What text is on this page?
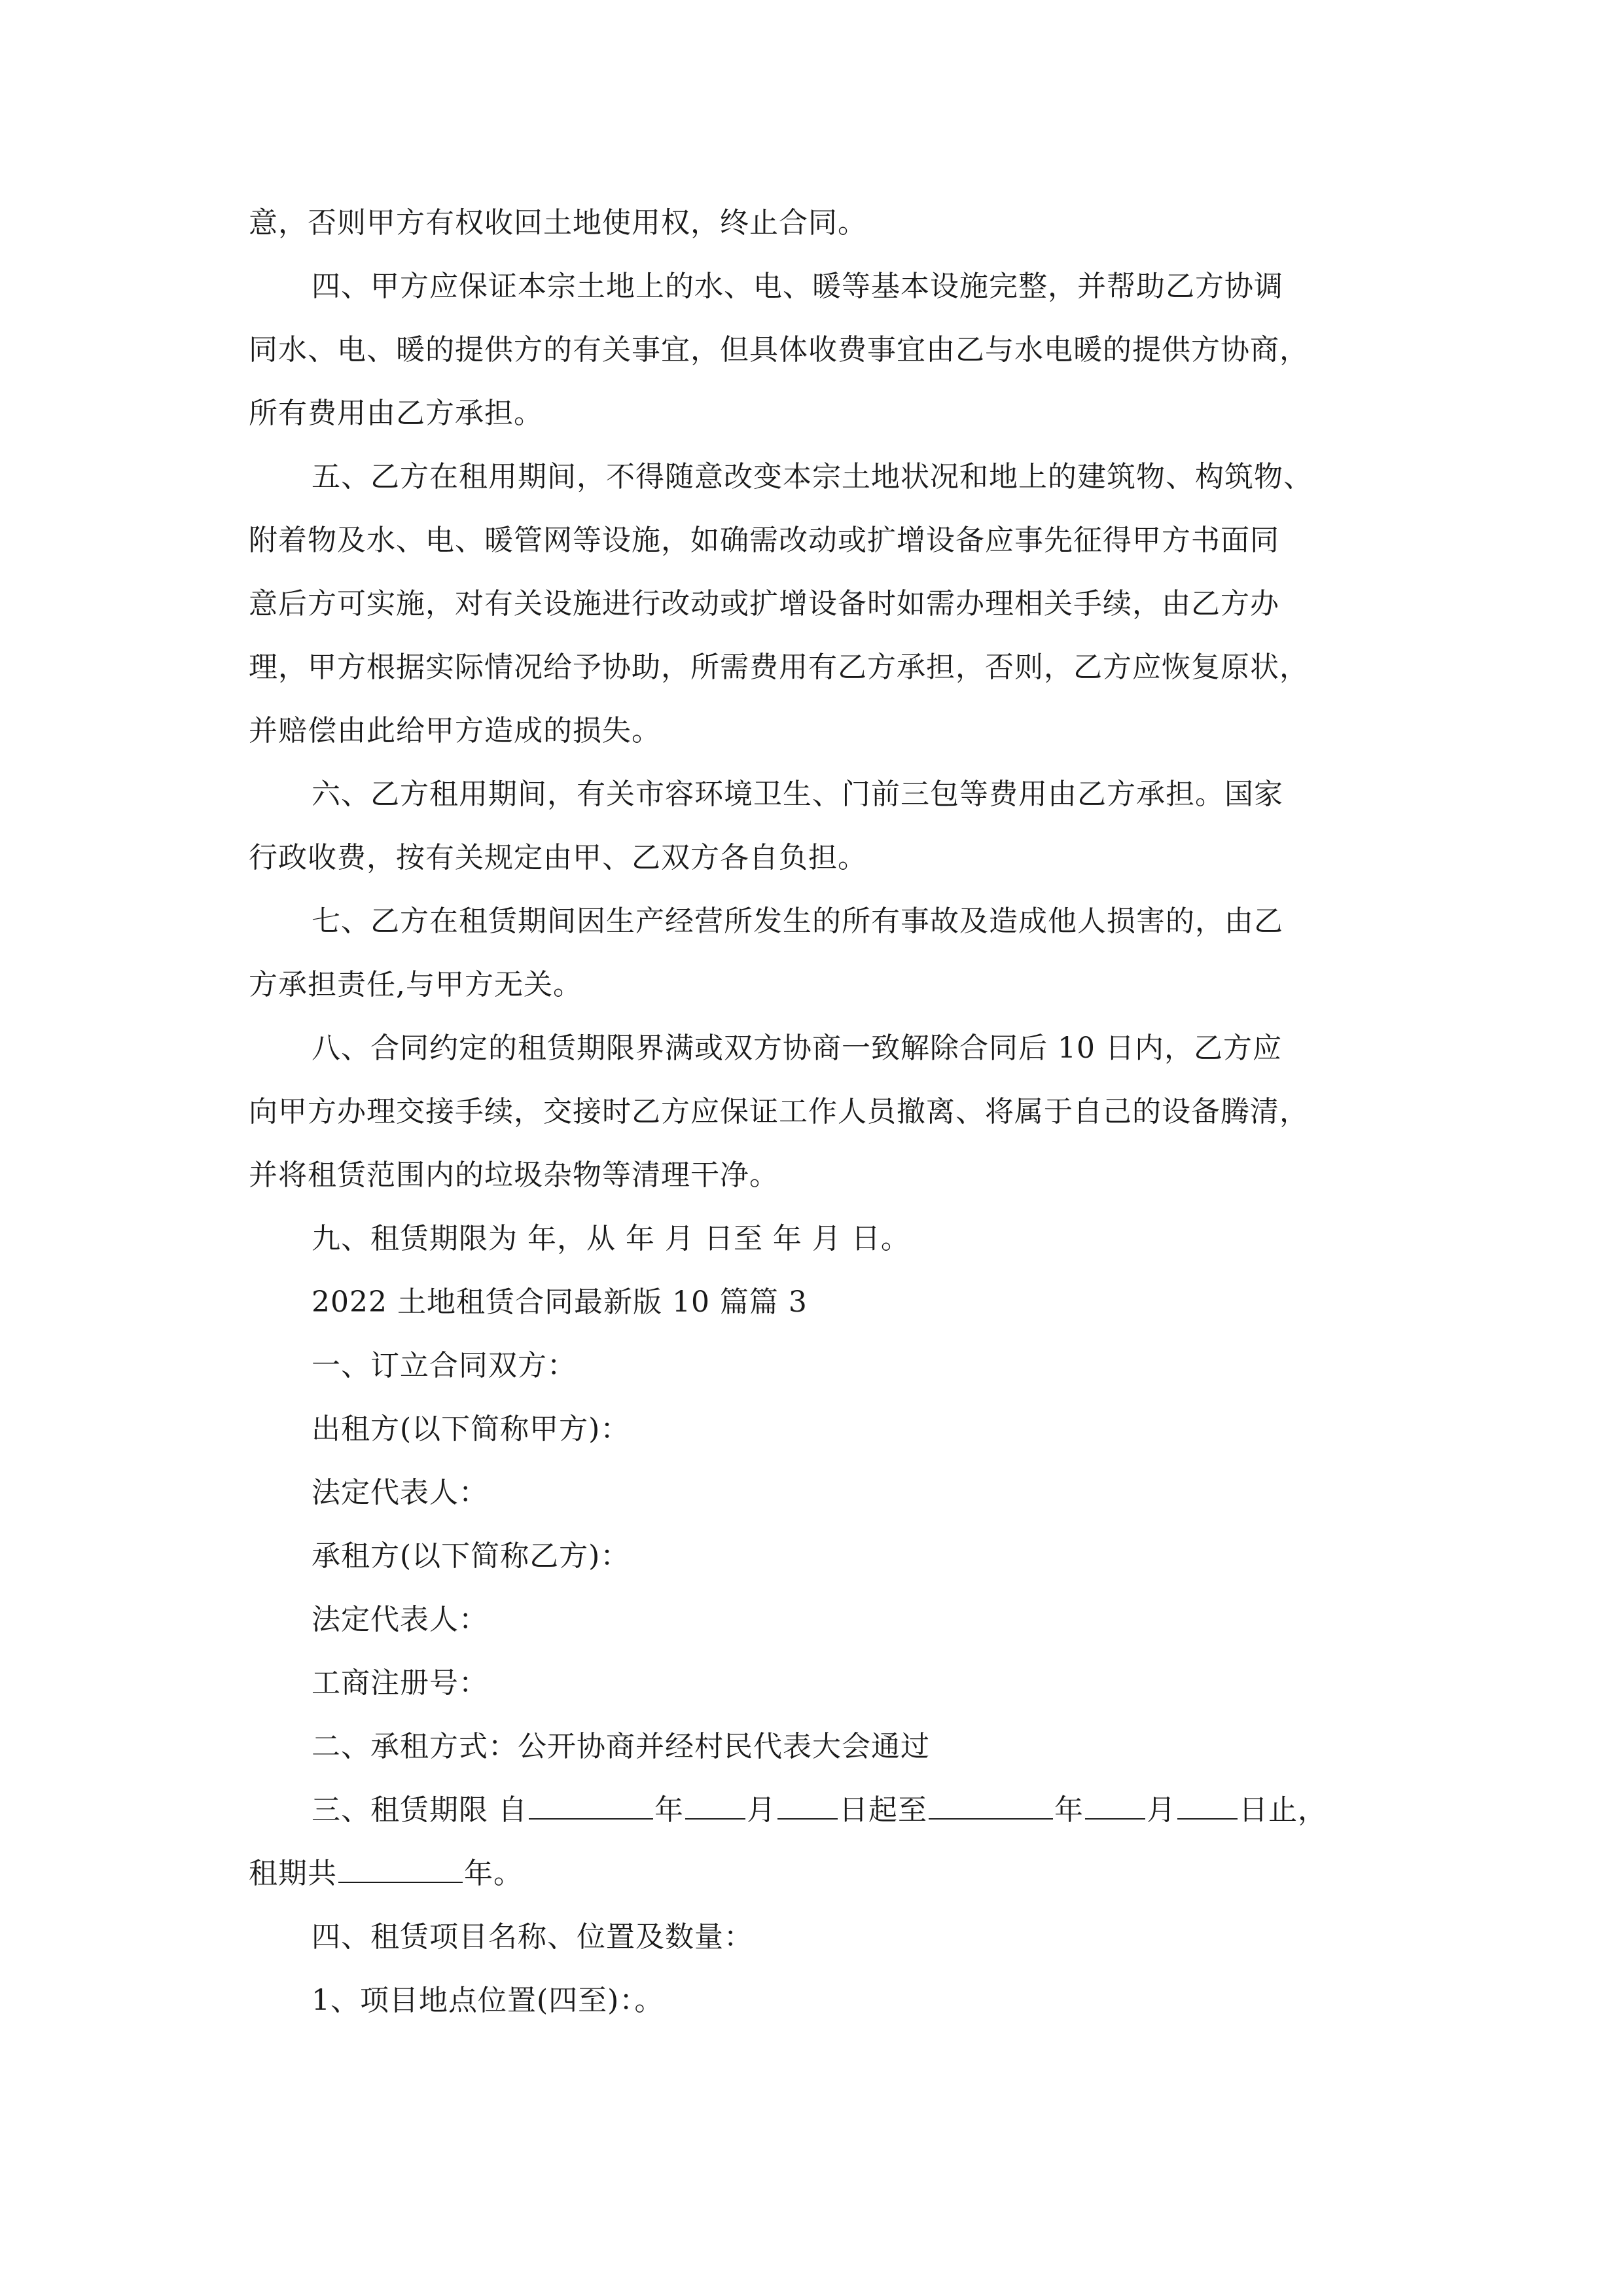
意，否则甲方有权收回土地使用权，终止合同。

四、甲方应保证本宗土地上的水、电、暖等基本设施完整，并帮助乙方协调

同水、电、暖的提供方的有关事宜，但具体收费事宜由乙与水电暖的提供方协商，

所有费用由乙方承担。

五、乙方在租用期间，不得随意改变本宗土地状况和地上的建筑物、构筑物、

附着物及水、电、暖管网等设施，如确需改动或扩增设备应事先征得甲方书面同

意后方可实施，对有关设施进行改动或扩增设备时如需办理相关手续，由乙方办

理，甲方根据实际情况给予协助，所需费用有乙方承担，否则，乙方应恢复原状，

并赔偿由此给甲方造成的损失。

六、乙方租用期间，有关市容环境卫生、门前三包等费用由乙方承担。国家

行政收费，按有关规定由甲、乙双方各自负担。

七、乙方在租赁期间因生产经营所发生的所有事故及造成他人损害的，由乙

方承担责任,与甲方无关。

八、合同约定的租赁期限界满或双方协商一致解除合同后 10 日内，乙方应

向甲方办理交接手续，交接时乙方应保证工作人员撤离、将属于自己的设备腾清，

并将租赁范围内的垃圾杂物等清理干净。

九、租赁期限为 年，从 年 月 日至 年 月 日。

2022 土地租赁合同最新版 10 篇篇 3

一、订立合同双方：

出租方(以下简称甲方)：

法定代表人：

承租方(以下简称乙方)：

法定代表人：

工商注册号：

二、承租方式：公开协商并经村民代表大会通过

三、租赁期限 自	年 月 日起至	年 月 日止，

租期共	年。

四、租赁项目名称、位置及数量：

1、项目地点位置(四至)：。
